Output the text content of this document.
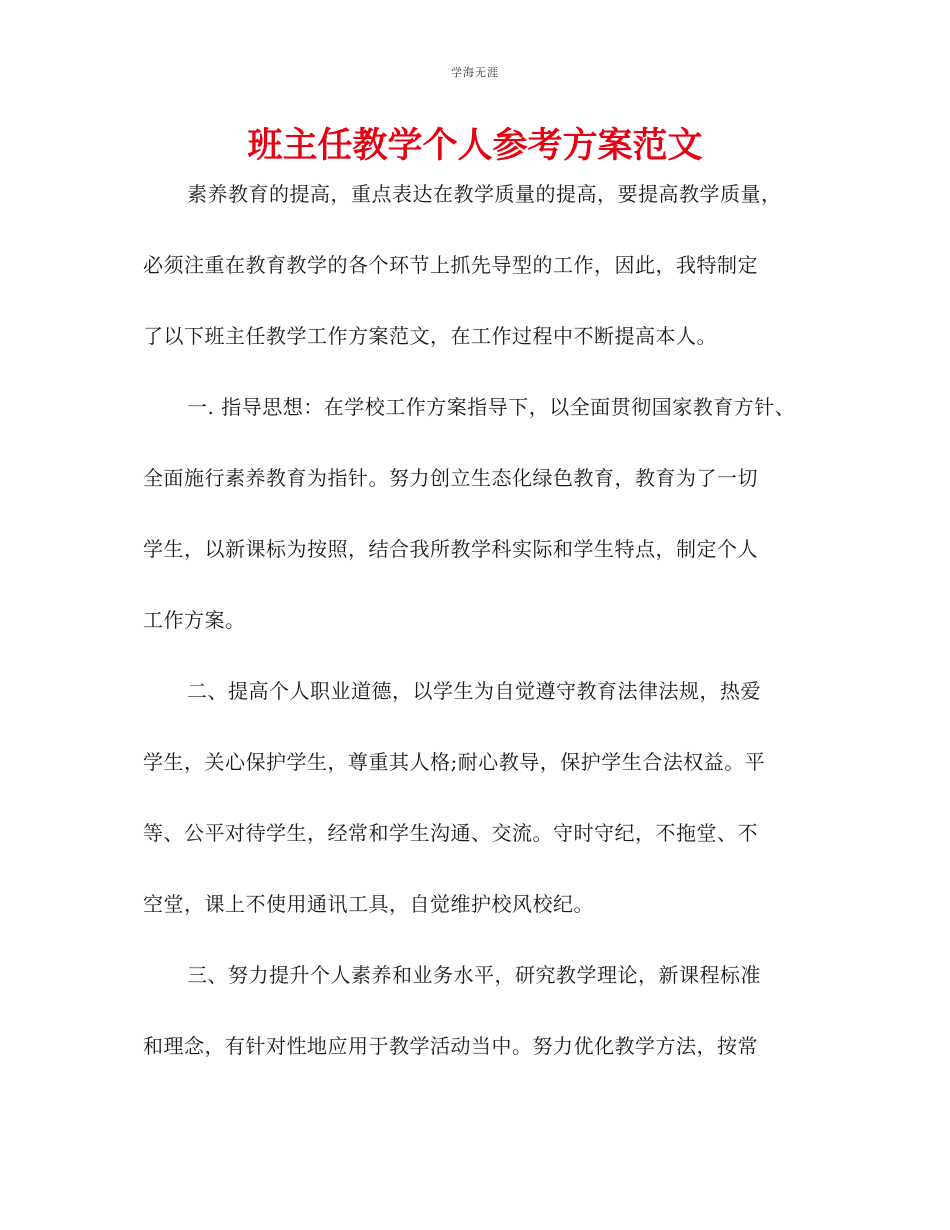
学海无涯
班主任教学个人参考方案范文
素养教育的提高，重点表达在教学质量的提高，要提高教学质量，
必须注重在教育教学的各个环节上抓先导型的工作，因此，我特制定
了以下班主任教学工作方案范文，在工作过程中不断提高本人。
一. 指导思想：在学校工作方案指导下，以全面贯彻国家教育方针、
全面施行素养教育为指针。努力创立生态化绿色教育，教育为了一切
学生，以新课标为按照，结合我所教学科实际和学生特点，制定个人
工作方案。
二、提高个人职业道德，以学生为自觉遵守教育法律法规，热爱
学生，关心保护学生，尊重其人格;耐心教导，保护学生合法权益。平
等、公平对待学生，经常和学生沟通、交流。守时守纪，不拖堂、不
空堂，课上不使用通讯工具，自觉维护校风校纪。
三、努力提升个人素养和业务水平，研究教学理论，新课程标准
和理念，有针对性地应用于教学活动当中。努力优化教学方法，按常
